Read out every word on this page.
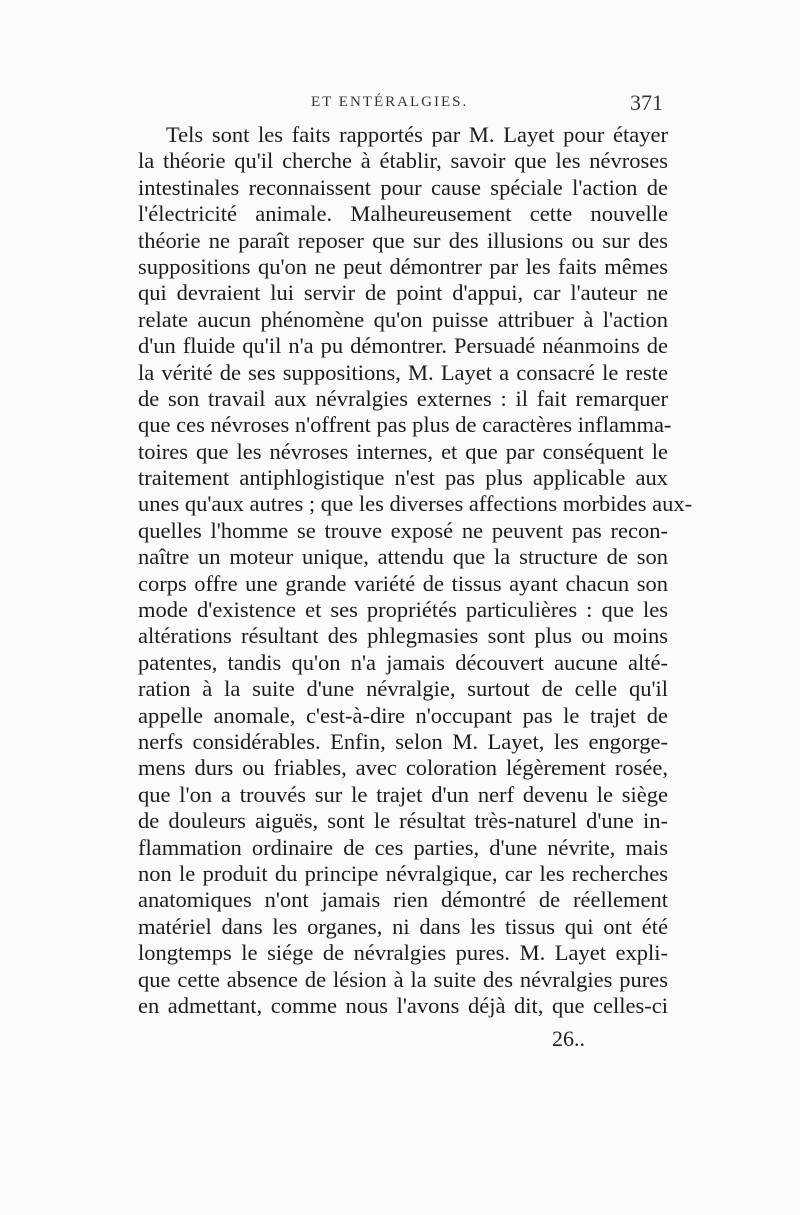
ET ENTÉRALGIES.	371
Tels sont les faits rapportés par M. Layet pour étayer
la théorie qu'il cherche à établir, savoir que les névroses
intestinales reconnaissent pour cause spéciale l'action de
l'électricité animale. Malheureusement cette nouvelle
théorie ne paraît reposer que sur des illusions ou sur des
suppositions qu'on ne peut démontrer par les faits mêmes
qui devraient lui servir de point d'appui, car l'auteur ne
relate aucun phénomène qu'on puisse attribuer à l'action
d'un fluide qu'il n'a pu démontrer. Persuadé néanmoins de
la vérité de ses suppositions, M. Layet a consacré le reste
de son travail aux névralgies externes : il fait remarquer
que ces névroses n'offrent pas plus de caractères inflamma-
toires que les névroses internes, et que par conséquent le
traitement antiphlogistique n'est pas plus applicable aux
unes qu'aux autres ; que les diverses affections morbides aux-
quelles l'homme se trouve exposé ne peuvent pas recon-
naître un moteur unique, attendu que la structure de son
corps offre une grande variété de tissus ayant chacun son
mode d'existence et ses propriétés particulières : que les
altérations résultant des phlegmasies sont plus ou moins
patentes, tandis qu'on n'a jamais découvert aucune alté-
ration à la suite d'une névralgie, surtout de celle qu'il
appelle anomale, c'est-à-dire n'occupant pas le trajet de
nerfs considérables. Enfin, selon M. Layet, les engorge-
mens durs ou friables, avec coloration légèrement rosée,
que l'on a trouvés sur le trajet d'un nerf devenu le siège
de douleurs aiguës, sont le résultat très-naturel d'une in-
flammation ordinaire de ces parties, d'une névrite, mais
non le produit du principe névralgique, car les recherches
anatomiques n'ont jamais rien démontré de réellement
matériel dans les organes, ni dans les tissus qui ont été
longtemps le siége de névralgies pures. M. Layet expli-
que cette absence de lésion à la suite des névralgies pures
en admettant, comme nous l'avons déjà dit, que celles-ci
26..
